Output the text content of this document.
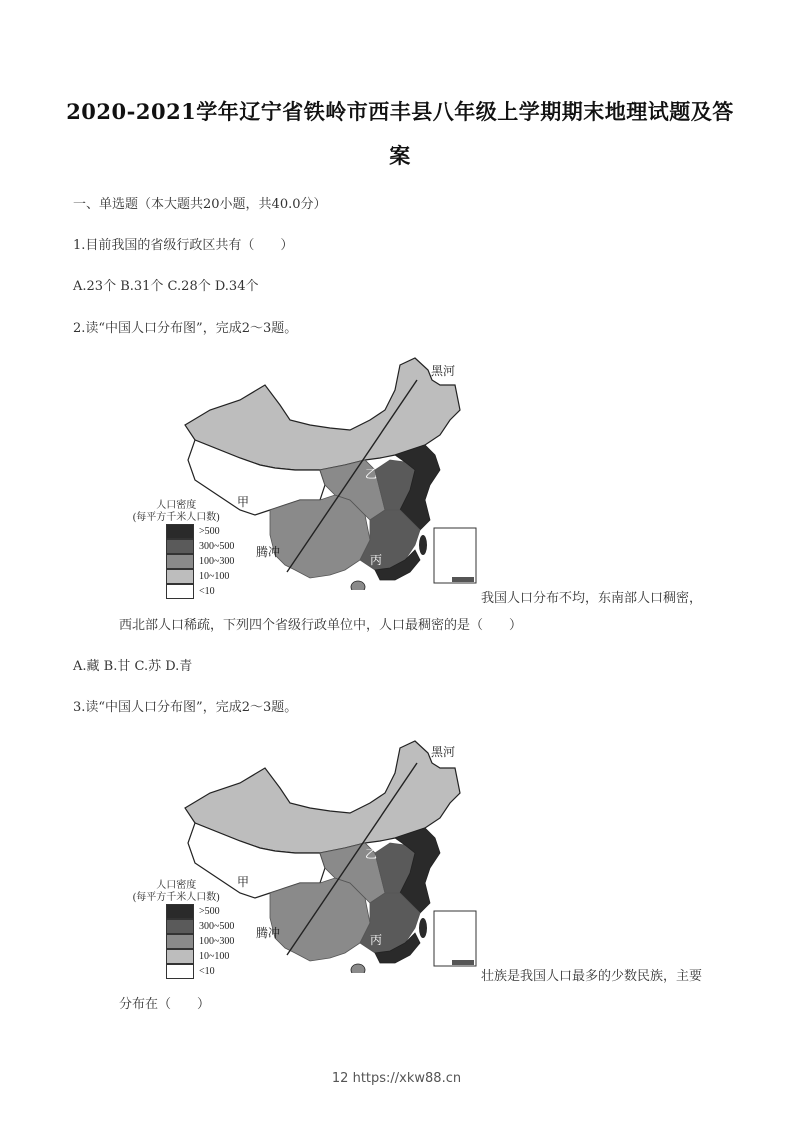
2020-2021学年辽宁省铁岭市西丰县八年级上学期期末地理试题及答
案
一、单选题（本大题共20小题，共40.0分）
1.目前我国的省级行政区共有（　　）
A.23个 B.31个 C.28个 D.34个
2.读“中国人口分布图”，完成2～3题。
黑河
腾冲
甲
乙
丙
人口密度
(每平方千米人口数)
>500
300~500
100~300
10~100
<10	我国人口分布不均，东南部人口稠密，
西北部人口稀疏，下列四个省级行政单位中，人口最稠密的是（　　）
A.藏 B.甘 C.苏 D.青
3.读“中国人口分布图”，完成2～3题。
黑河
腾冲
甲
乙
丙
人口密度
(每平方千米人口数)
>500
300~500
100~300
10~100
<10	壮族是我国人口最多的少数民族，主要
分布在（　　）
12 https://xkw88.cn
